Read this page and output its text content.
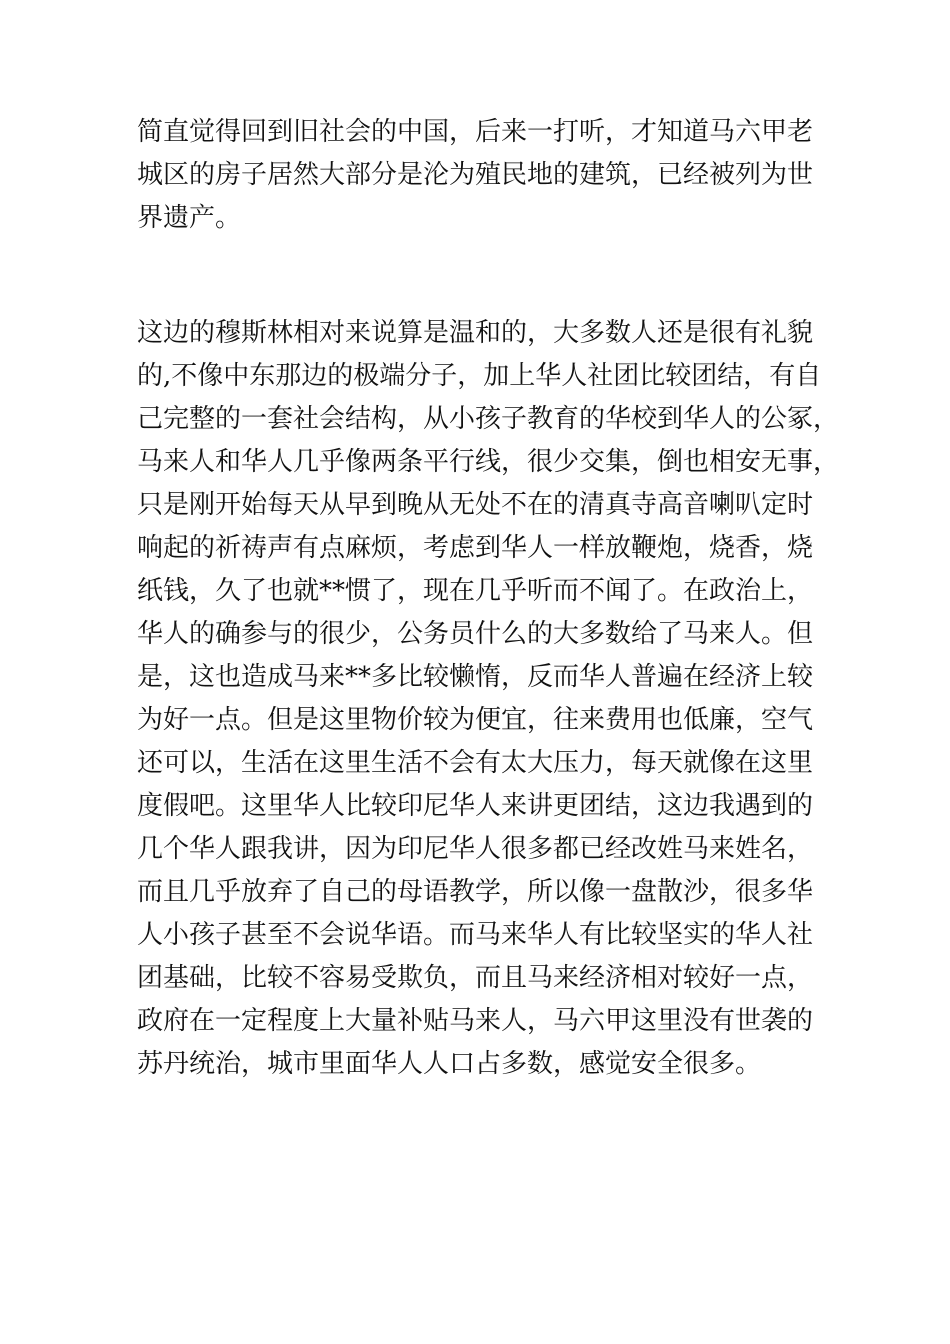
简直觉得回到旧社会的中国，后来一打听，才知道马六甲老
城区的房子居然大部分是沦为殖民地的建筑，已经被列为世
界遗产。

这边的穆斯林相对来说算是温和的，大多数人还是很有礼貌
的,不像中东那边的极端分子，加上华人社团比较团结，有自
己完整的一套社会结构，从小孩子教育的华校到华人的公冢，
马来人和华人几乎像两条平行线，很少交集，倒也相安无事，
只是刚开始每天从早到晚从无处不在的清真寺高音喇叭定时
响起的祈祷声有点麻烦，考虑到华人一样放鞭炮，烧香，烧
纸钱，久了也就**惯了，现在几乎听而不闻了。在政治上，
华人的确参与的很少，公务员什么的大多数给了马来人。但
是，这也造成马来**多比较懒惰，反而华人普遍在经济上较
为好一点。但是这里物价较为便宜，往来费用也低廉，空气
还可以，生活在这里生活不会有太大压力，每天就像在这里
度假吧。这里华人比较印尼华人来讲更团结，这边我遇到的
几个华人跟我讲，因为印尼华人很多都已经改姓马来姓名，
而且几乎放弃了自己的母语教学，所以像一盘散沙，很多华
人小孩子甚至不会说华语。而马来华人有比较坚实的华人社
团基础，比较不容易受欺负，而且马来经济相对较好一点，
政府在一定程度上大量补贴马来人，马六甲这里没有世袭的
苏丹统治，城市里面华人人口占多数，感觉安全很多。
